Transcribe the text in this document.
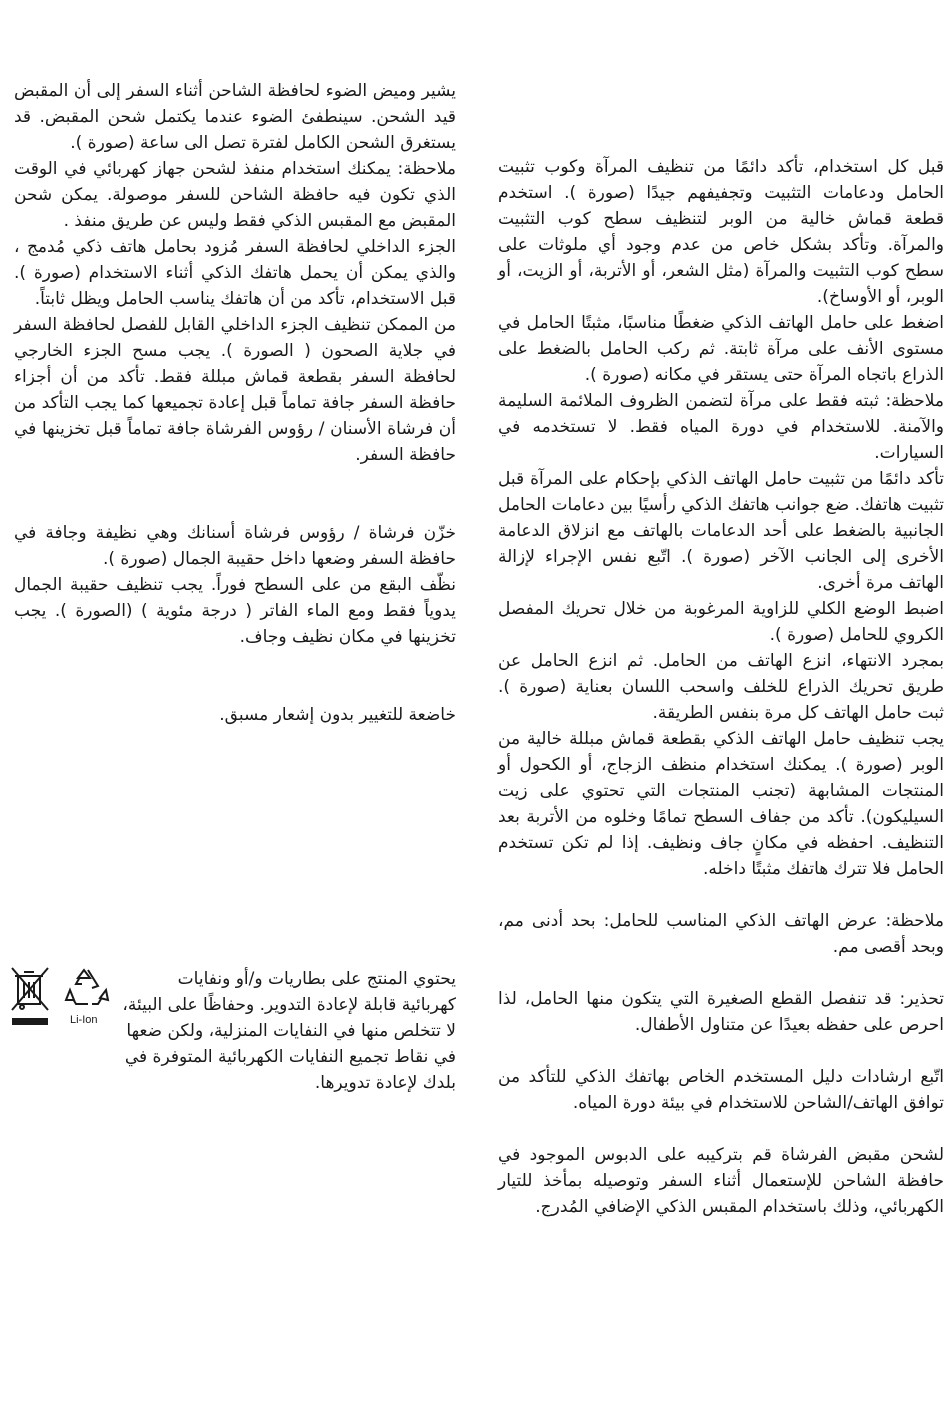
قبل كل استخدام، تأكد دائمًا من تنظيف المرآة وكوب تثبيت الحامل ودعامات التثبيت وتجفيفهم جيدًا (صورة ). استخدم قطعة قماش خالية من الوبر لتنظيف سطح كوب التثبيت والمرآة. وتأكد بشكل خاص من عدم وجود أي ملوثات على سطح كوب التثبيت والمرآة (مثل الشعر، أو الأتربة، أو الزيت، أو الوبر، أو الأوساخ).

اضغط على حامل الهاتف الذكي ضغطًا مناسبًا، مثبتًا الحامل في مستوى الأنف على مرآة ثابتة. ثم ركب الحامل بالضغط على الذراع باتجاه المرآة حتى يستقر في مكانه (صورة ).

ملاحظة: ثبته فقط على مرآة لتضمن الظروف الملائمة السليمة والآمنة. للاستخدام في دورة المياه فقط. لا تستخدمه في السيارات.

تأكد دائمًا من تثبيت حامل الهاتف الذكي بإحكام على المرآة قبل تثبيت هاتفك. ضع جوانب هاتفك الذكي رأسيًا بين دعامات الحامل الجانبية بالضغط على أحد الدعامات بالهاتف مع انزلاق الدعامة الأخرى إلى الجانب الآخر (صورة ). اتّبع نفس الإجراء لإزالة الهاتف مرة أخرى.

اضبط الوضع الكلي للزاوية المرغوبة من خلال تحريك المفصل الكروي للحامل (صورة ).

بمجرد الانتهاء، انزع الهاتف من الحامل. ثم انزع الحامل عن طريق تحريك الذراع للخلف واسحب اللسان بعناية (صورة ). ثبت حامل الهاتف كل مرة بنفس الطريقة.

يجب تنظيف حامل الهاتف الذكي بقطعة قماش مبللة خالية من الوبر (صورة ). يمكنك استخدام منظف الزجاج، أو الكحول أو المنتجات المشابهة (تجنب المنتجات التي تحتوي على زيت السيليكون). تأكد من جفاف السطح تمامًا وخلوه من الأتربة بعد التنظيف. احفظه في مكانٍ جاف ونظيف. إذا لم تكن تستخدم الحامل فلا تترك هاتفك مثبتًا داخله.

ملاحظة: عرض الهاتف الذكي المناسب للحامل: بحد أدنى مم، وبحد أقصى مم.

تحذير: قد تنفصل القطع الصغيرة التي يتكون منها الحامل، لذا احرص على حفظه بعيدًا عن متناول الأطفال.

اتّبع ارشادات دليل المستخدم الخاص بهاتفك الذكي للتأكد من توافق الهاتف/الشاحن للاستخدام في بيئة دورة المياه.

لشحن مقبض الفرشاة قم بتركيبه على الدبوس الموجود في حافظة الشاحن للإستعمال أثناء السفر وتوصيله بمأخذ للتيار الكهربائي، وذلك باستخدام المقبس الذكي الإضافي المُدرج.

يشير وميض الضوء لحافظة الشاحن أثناء السفر إلى أن المقبض قيد الشحن. سينطفئ الضوء عندما يكتمل شحن المقبض. قد يستغرق الشحن الكامل لفترة تصل الى ساعة (صورة ).

ملاحظة: يمكنك استخدام منفذ لشحن جهاز كهربائي في الوقت الذي تكون فيه حافظة الشاحن للسفر موصولة. يمكن شحن المقبض مع المقبس الذكي فقط وليس عن طريق منفذ .

الجزء الداخلي لحافظة السفر مُزود بحامل هاتف ذكي مُدمج ، والذي يمكن أن يحمل هاتفك الذكي أثناء الاستخدام (صورة ). قبل الاستخدام، تأكد من أن هاتفك يناسب الحامل ويظل ثابتاً.

من الممكن تنظيف الجزء الداخلي القابل للفصل لحافظة السفر في جلاية الصحون ( الصورة ). يجب مسح الجزء الخارجي لحافظة السفر بقطعة قماش مبللة فقط. تأكد من أن أجزاء حافظة السفر جافة تماماً قبل إعادة تجميعها كما يجب التأكد من أن فرشاة الأسنان / رؤوس الفرشاة جافة تماماً قبل تخزينها في حافظة السفر.

خزّن فرشاة / رؤوس فرشاة أسنانك وهي نظيفة وجافة في حافظة السفر وضعها داخل حقيبة الجمال (صورة ).

نظّف البقع من على السطح فوراً. يجب تنظيف حقيبة الجمال يدوياً فقط ومع الماء الفاتر ( درجة مئوية ) (الصورة ). يجب تخزينها في مكان نظيف وجاف.

خاضعة للتغيير بدون إشعار مسبق.

Li-Ion
يحتوي المنتج على بطاريات و/أو ونفايات كهربائية قابلة لإعادة التدوير. وحفاظًا على البيئة، لا تتخلص منها في النفايات المنزلية، ولكن ضعها في نقاط تجميع النفايات الكهربائية المتوفرة في بلدك لإعادة تدويرها.
